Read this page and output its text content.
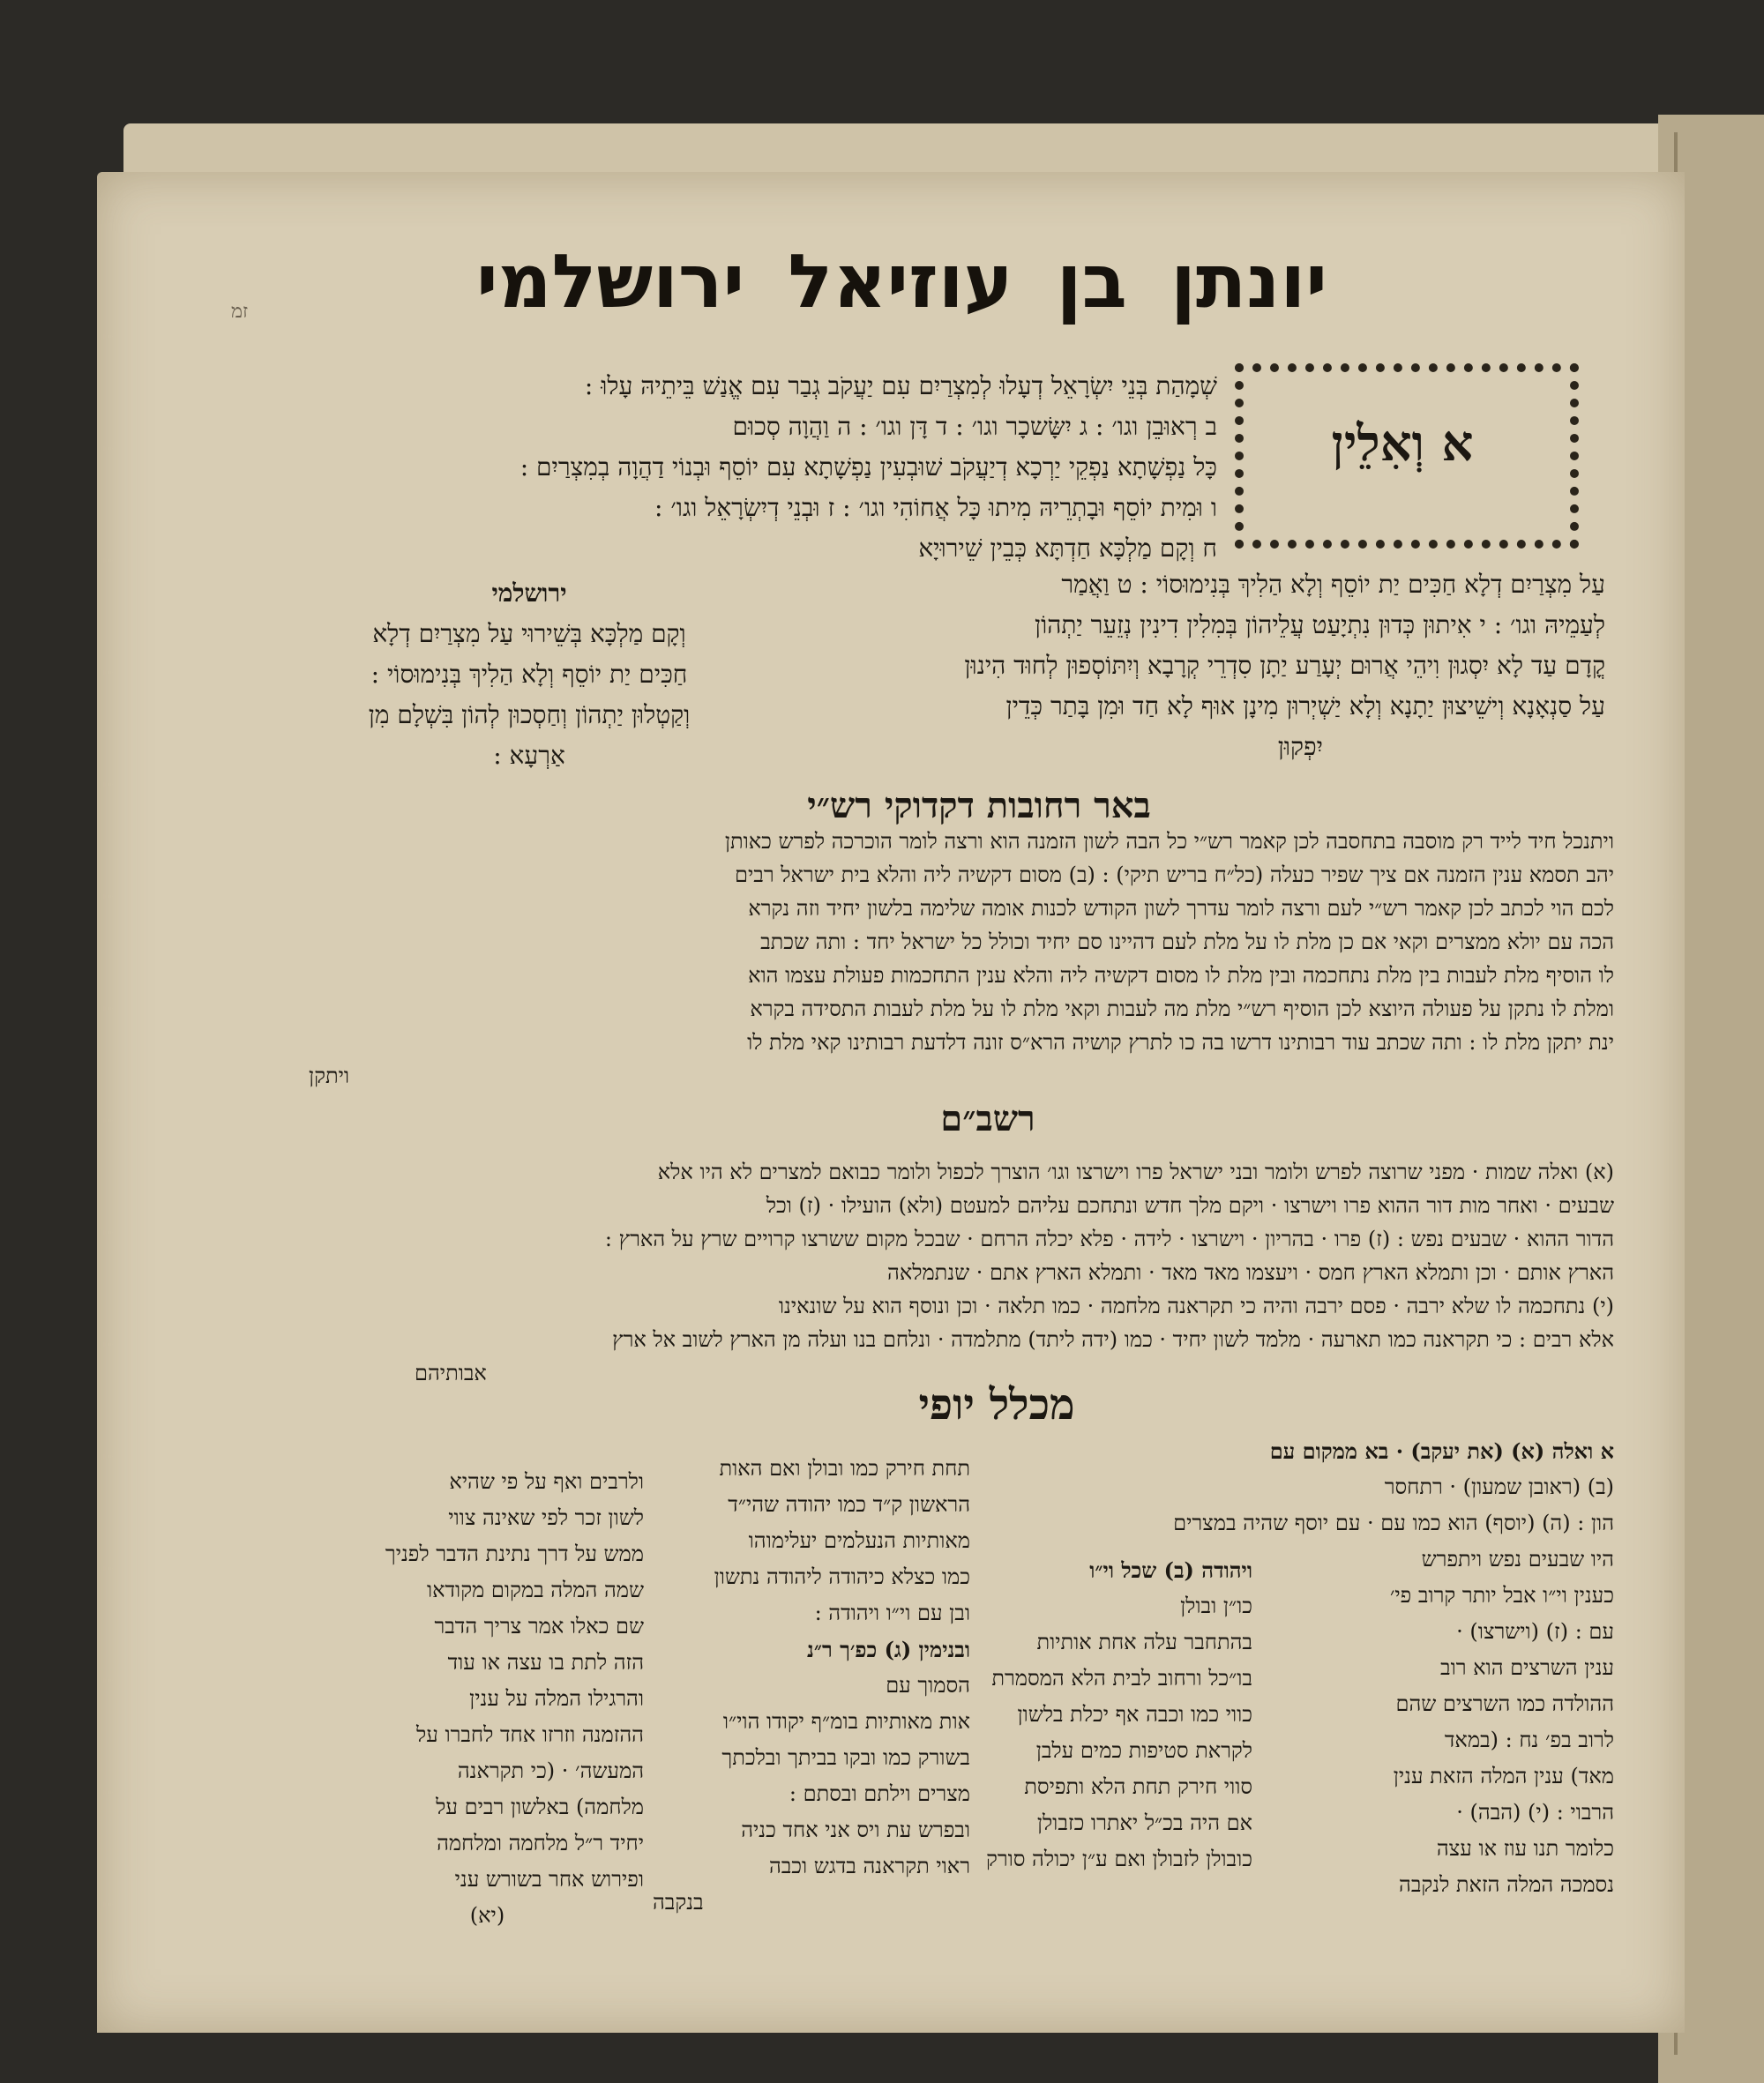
זמ	יונתן בן עוזיאל ירושלמי
א וְאִלֵין
שְׁמָהַת בְּנֵי יִשְׂרָאֵל דְעָלוּ לְמִצְרַיִם עִם יַעֲקֹב גְבַר עִם אֱנַשׁ בֵּיתֵיהּ עָלוּ :
ב רְאוּבֵן וגו׳ : ג יִשָּׂשכָר וגו׳ : ד דָּן וגו׳ : ה וַהֲוָה סְכוּם
כָּל נַפְשָׁתָא נַפְקֵי יַרְכָא דְיַעֲקֹב שׁוּבְעִין נַפְשָׁתָא עִם יוֹסֵף וּבְנוֹי דַהֲוָה בְמִצְרַיִם :
ו וּמִית יוֹסֵף וּבָתְרֵיהּ מִיתוּ כָּל אֲחוֹהִי וגו׳ : ז וּבְנֵי דְיִשְׂרָאֵל וגו׳ :
ח וְקָם מַלְכָּא חַדְתָּא כְּבֵין שֵׁירוּיָא
עַל מִצְרַיִם דְלָא חַכִּים יַת יוֹסֵף וְלָא הַלִיךְ בְּנִימוּסוֹי : ט וַאֲמַר
לְעַמֵיהּ וגו׳ : י אִיתוּן כְּדוּן נִתְיָעַט עֲלֵיהוֹן בְּמִלִין דִינִין נְזֵעֵר יַתְהוֹן
קֳדָם עַד לָא יִסְגוּן וִיהֵי אֲרוּם יְעָרַע יַתָן סִדְרֵי קְרָבָא וְיִתּוֹסְפוּן לְחוּד הִינוּן
עַל סַנְאָנָא וְישֵׁיצוּן יַתָנָא וְלָא יַשְׁיְרוּן מִינָן אוּף לָא חַד וּמִן בָּתַר כְּדֵין
יִפְקוּן
ירושלמי
וְקָם מַלְכָּא בְּשֵׁירוּי עַל מִצְרַיִם דְלָא
חַכִּים יַת יוֹסֵף וְלָא הַלִיךְ בְּנִימוּסוֹי :
וְקַטְלוּן יַתְהוֹן וְחַסְכוּן לְהוֹן בִּשְׁלָם מִן
אַרְעָא :
באר רחובות דקדוקי רש״י
ויתנכל חיד לייד רק מוסבה בתחסבה לכן קאמר רש״י כל הבה לשון הזמנה הוא ורצה לומר הוכרכה לפרש כאותן
יהב תסמא ענין הזמנה אם ציך שפיר כעלה (כל״ח בריש תיקי) : (ב) מסום דקשיה ליה והלא בית ישראל רבים
לכם הוי לכתב לכן קאמר רש״י לעם ורצה לומר עדרך לשון הקודש לכנות אומה שלימה בלשון יחיד וזה נקרא
הכה עם יולא ממצרים וקאי אם כן מלת לו על מלת לעם דהיינו סם יחיד וכולל כל ישראל יחד : ותה שכתב
לו הוסיף מלת לעבות בין מלת נתחכמה ובין מלת לו מסום דקשיה ליה והלא ענין התחכמות פעולת עצמו הוא
ומלת לו נתקן על פעולה היוצא לכן הוסיף רש״י מלת מה לעבות וקאי מלת לו על מלת לעבות התסידה בקרא
ינת יתקן מלת לו : ותה שכתב עוד רבותינו דרשו בה כו לתרץ קושיה הרא״ס זונה דלדעת רבותינו קאי מלת לו
ויתקן
רשב״ם
(א) ואלה שמות · מפני שרוצה לפרש ולומר ובני ישראל פרו וישרצו וגו׳ הוצרך לכפול ולומר כבואם למצרים לא היו אלא
שבעים · ואחר מות דור ההוא פרו וישרצו · ויקם מלך חדש ונתחכם עליהם למעטם (ולא) הועילו · (ז) וכל
הדור ההוא · שבעים נפש : (ז) פרו · בהריון · וישרצו · לידה · פלא יכלה הרחם · שבכל מקום ששרצו קרויים שרץ על הארץ :
הארץ אותם · וכן ותמלא הארץ חמס · ויעצמו מאד מאד · ותמלא הארץ אתם · שנתמלאה
(י) נתחכמה לו שלא ירבה · פסם ירבה והיה כי תקראנה מלחמה · כמו תלאה · וכן ונוסף הוא על שונאינו
אלא רבים : כי תקראנה כמו תארעה · מלמד לשון יחיד · כמו (ידה ליתד) מתלמדה · ונלחם בנו ועלה מן הארץ לשוב אל ארץ
אבותיהם
מכלל יופי
א ואלה (א) (את יעקב) · בא ממקום עם
(ב) (ראובן שמעון) · רתחסר
הון : (ה) (יוסף) הוא כמו עם · עם יוסף שהיה במצרים
היו שבעים נפש ויתפרש
כענין וי״ו אבל יותר קרוב פי׳
עם : (ז) (וישרצו) ·
ענין השרצים הוא רוב
ההולדה כמו השרצים שהם
לרוב בפ׳ נח : (במאד
מאד) ענין המלה הזאת ענין
הרבוי : (י) (הבה) ·
כלומר תנו עוז או עצה
נסמכה המלה הזאת לנקבה
ויהודה (ב) שכל וי״ו
כו״ן ובולן
בהתחבר עלה אחת אותיות
בו״כל ורחוב לבית הלא המסמרת
כווי כמו וכבה אף יכלת בלשון
לקראת סטיפות כמים עלבן
סווי חירק תחת הלא ותפיסת
אם היה בכ״ל יאתרו כזבולן
כובולן לזבולן ואם ע״ן יכולה סורק
תחת חירק כמו ובולן ואם האות
הראשון ק״ד כמו יהודה שהי״ד
מאותיות הנעלמים יעלימוהו
כמו כצלא כיהודה ליהודה נתשון
ובן עם וי״ו ויהודה :
ובנימין (ג) כפ׳ך ר״נ
הסמוך עם
אות מאותיות בומ״ף יקודו הוי״ו
בשורק כמו ובקו בביתך ובלכתך
מצרים וילתם ובסתם :
ובפרש עת ויס אני אחד כניה
ראוי תקראנה בדגש וכבה
בנקבה
ולרבים ואף על פי שהיא
לשון זכר לפי שאינה צווי
ממש על דרך נתינת הדבר לפניך
שמה המלה במקום מקודאו
שם כאלו אמר צריך הדבר
הזה לתת בו עצה או עוד
והרגילו המלה על ענין
ההזמנה וזרזו אחד לחברו על
המעשה׳ · (כי תקראנה
מלחמה) באלשון רבים על
יחיד ר״ל מלחמה ומלחמה
ופירוש אחר בשורש עני
(יא)
